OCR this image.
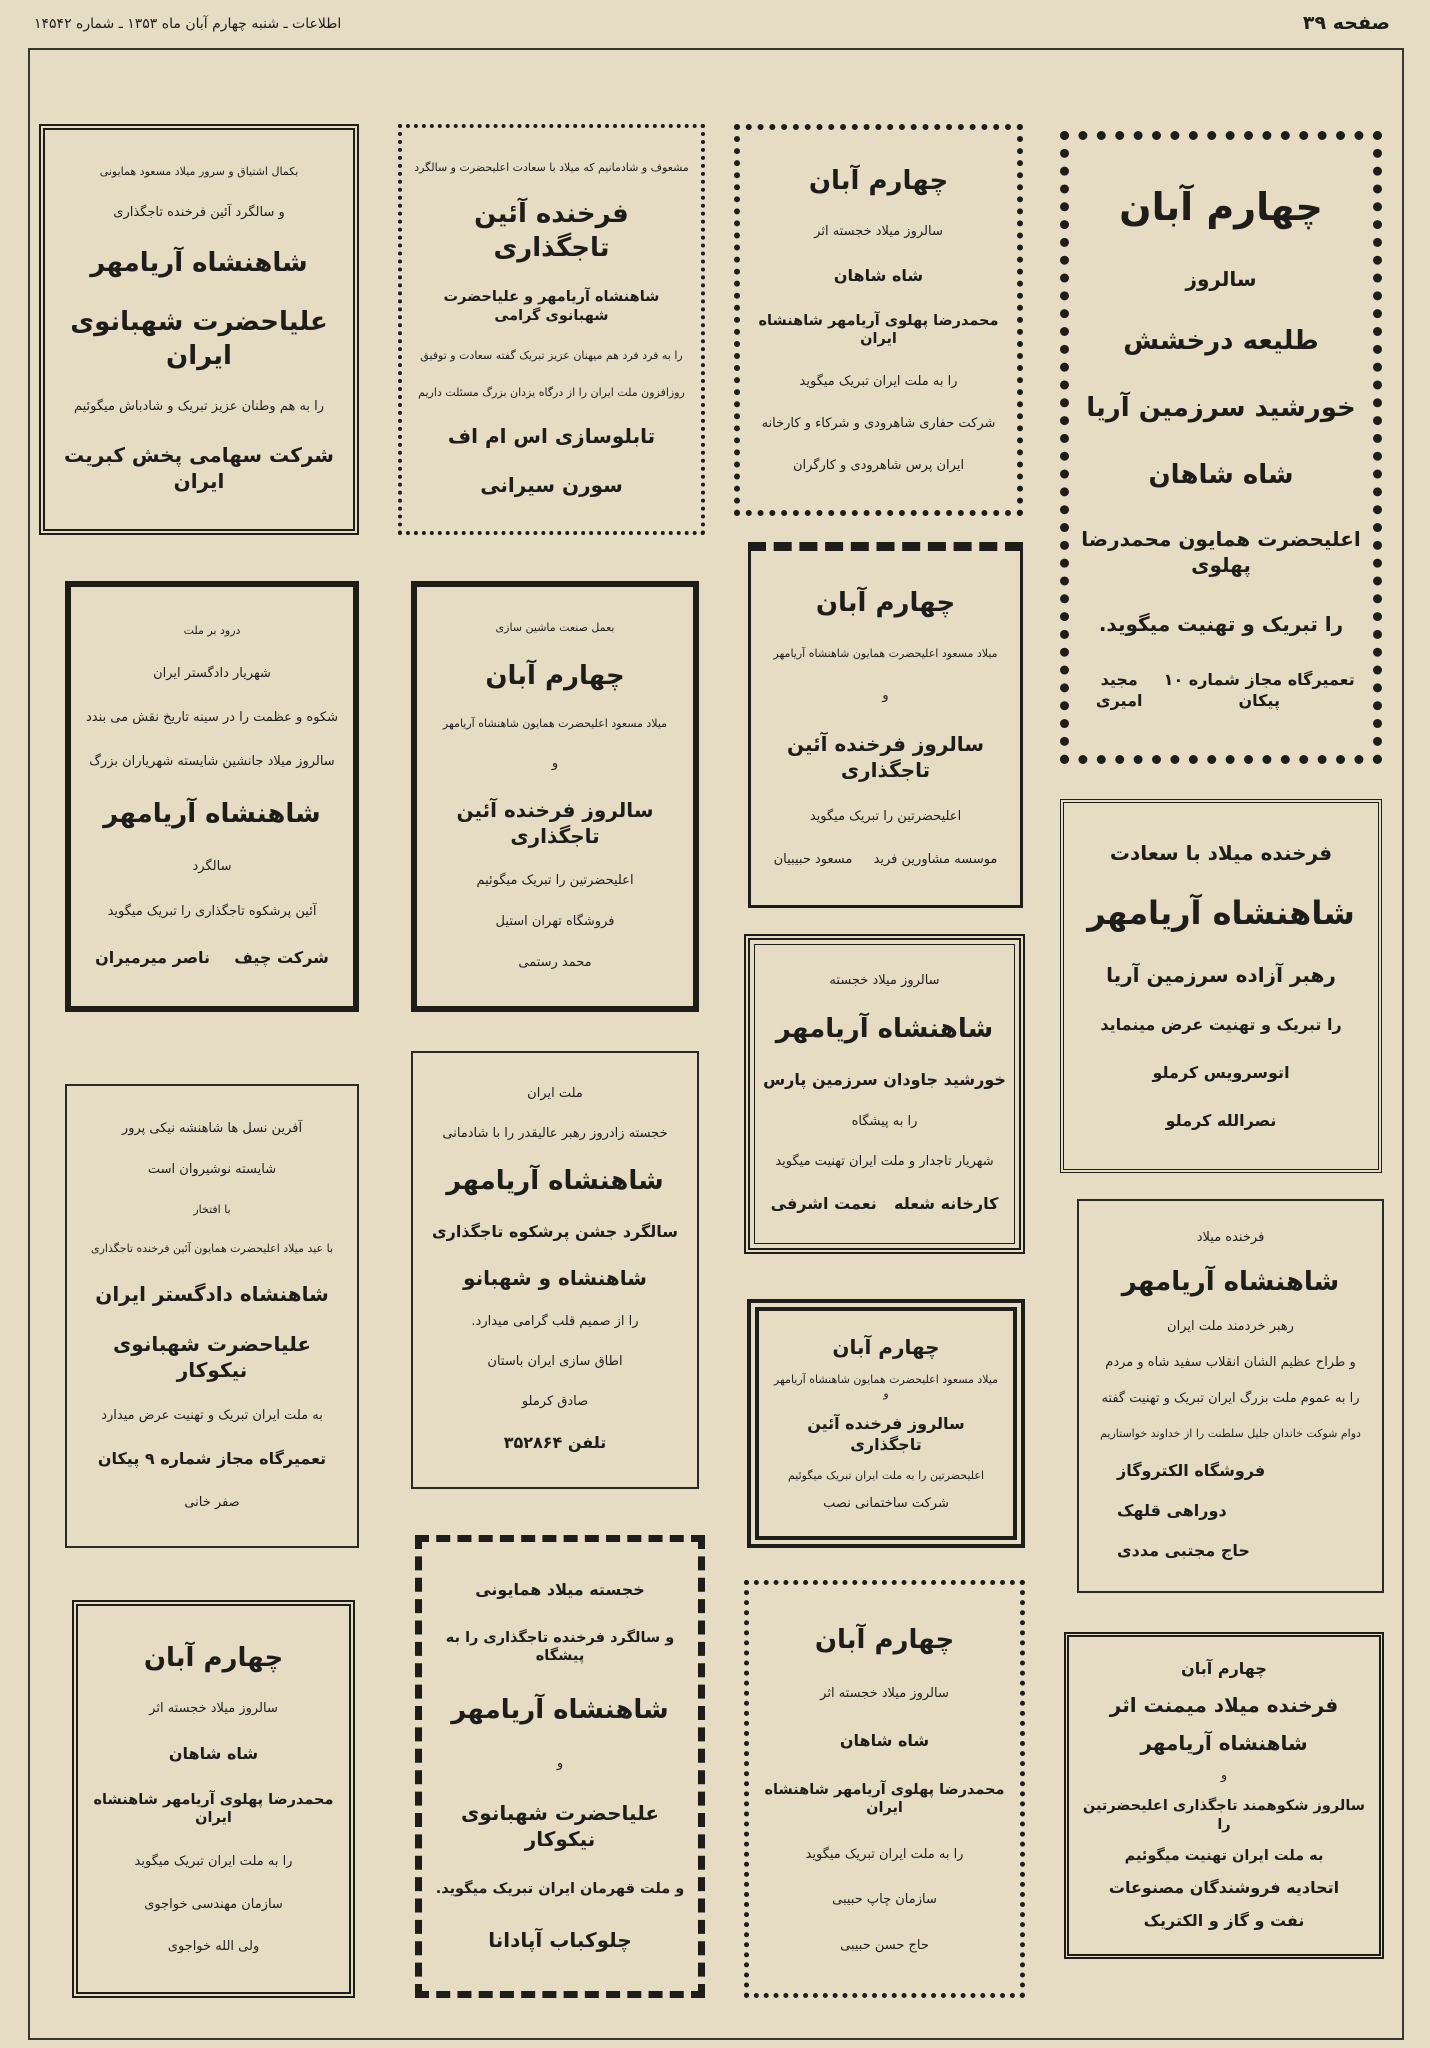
صفحه ۳۹
اطلاعات ـ شنبه چهارم آبان ماه ۱۳۵۳ ـ شماره ۱۴۵۴۲
چهارم آبان
سالروز
طلیعه درخشش
خورشید سرزمین آریا
شاه شاهان
اعلیحضرت همایون محمدرضا پهلوی
را تبریک و تهنیت میگوید.
تعمیرگاه مجاز شماره ۱۰ پیکان
مجید امیری
فرخنده میلاد با سعادت
شاهنشاه آریامهر
رهبر آزاده سرزمین آریا
را تبریک و تهنیت عرض مینماید
اتوسرویس کرملو
نصرالله کرملو
فرخنده میلاد
شاهنشاه آریامهر
رهبر خردمند ملت ایران
و طراح عظیم الشان انقلاب سفید شاه و مردم
را به عموم ملت بزرگ ایران تبریک و تهنیت گفته
دوام شوکت خاندان جلیل سلطنت را از خداوند خواستاریم
فروشگاه الکتروگاز
دوراهی قلهک
حاج مجتبی مددی
چهارم آبان
فرخنده میلاد میمنت اثر
شاهنشاه آریامهر
و
سالروز شکوهمند تاجگذاری اعلیحضرتین را
به ملت ایران تهنیت میگوئیم
اتحادیه فروشندگان مصنوعات
نفت و گاز و الکتریک
چهارم آبان
سالروز میلاد خجسته اثر
شاه شاهان
محمدرضا پهلوی آریامهر شاهنشاه ایران
را به ملت ایران تبریک میگوید
شرکت حفاری شاهرودی و شرکاء و کارخانه
ایران پرس شاهرودی و کارگران
چهارم آبان
میلاد مسعود اعلیحضرت همایون شاهنشاه آریامهر
و
سالروز فرخنده آئین تاجگذاری
اعلیحضرتین را تبریک میگوید
موسسه مشاورین فرید
مسعود حبیبیان
سالروز میلاد خجسته
شاهنشاه آریامهر
خورشید جاودان سرزمین پارس
را به پیشگاه
شهریار تاجدار و ملت ایران تهنیت میگوید
کارخانه شعله
نعمت اشرفی
چهارم آبان
میلاد مسعود اعلیحضرت همایون شاهنشاه آریامهر و
سالروز فرخنده آئین تاجگذاری
اعلیحضرتین را به ملت ایران تبریک میگوئیم
شرکت ساختمانی نصب
چهارم آبان
سالروز میلاد خجسته اثر
شاه شاهان
محمدرضا پهلوی آریامهر شاهنشاه ایران
را به ملت ایران تبریک میگوید
سازمان چاپ حبیبی
حاج حسن حبیبی
مشعوف و شادمانیم که میلاد با سعادت اعلیحضرت و سالگرد
فرخنده آئین تاجگذاری
شاهنشاه آریامهر و علیاحضرت شهبانوی گرامی
را به فرد فرد هم میهنان عزیز تبریک گفته سعادت و توفیق
روزافزون ملت ایران را از درگاه یزدان بزرگ مسئلت داریم
تابلوسازی اس ام اف
سورن سیرانی
بعمل صنعت ماشین سازی
چهارم آبان
میلاد مسعود اعلیحضرت همایون شاهنشاه آریامهر
و
سالروز فرخنده آئین تاجگذاری
اعلیحضرتین را تبریک میگوئیم
فروشگاه تهران استیل
محمد رستمی
ملت ایران
خجسته زادروز رهبر عالیقدر را با شادمانی
شاهنشاه آریامهر
سالگرد جشن پرشکوه تاجگذاری
شاهنشاه و شهبانو
را از صمیم قلب گرامی میدارد.
اطاق سازی ایران باستان
صادق کرملو
تلفن ۳۵۲۸۶۴
خجسته میلاد همایونی
و سالگرد فرخنده تاجگذاری را به پیشگاه
شاهنشاه آریامهر
و
علیاحضرت شهبانوی نیکوکار
و ملت قهرمان ایران تبریک میگوید.
چلوکباب آپادانا
بکمال اشتیاق و سرور میلاد مسعود همایونی
و سالگرد آئین فرخنده تاجگذاری
شاهنشاه آریامهر
علیاحضرت شهبانوی ایران
را به هم وطنان عزیز تبریک و شادباش میگوئیم
شرکت سهامی پخش کبریت ایران
درود بر ملت
شهریار دادگستر ایران
شکوه و عظمت را در سینه تاریخ نقش می بندد
سالروز میلاد جانشین شایسته شهریاران بزرگ
شاهنشاه آریامهر
سالگرد
آئین پرشکوه تاجگذاری را تبریک میگوید
شرکت چیف
ناصر میرمیران
آفرین نسل ها شاهنشه نیکی پرور
شایسته نوشیروان است
با افتخار
با عید میلاد اعلیحضرت همایون آئین فرخنده تاجگذاری
شاهنشاه دادگستر ایران
علیاحضرت شهبانوی نیکوکار
به ملت ایران تبریک و تهنیت عرض میدارد
تعمیرگاه مجاز شماره ۹ پیکان
صفر خانی
چهارم آبان
سالروز میلاد خجسته اثر
شاه شاهان
محمدرضا پهلوی آریامهر شاهنشاه ایران
را به ملت ایران تبریک میگوید
سازمان مهندسی خواجوی
ولی الله خواجوی
